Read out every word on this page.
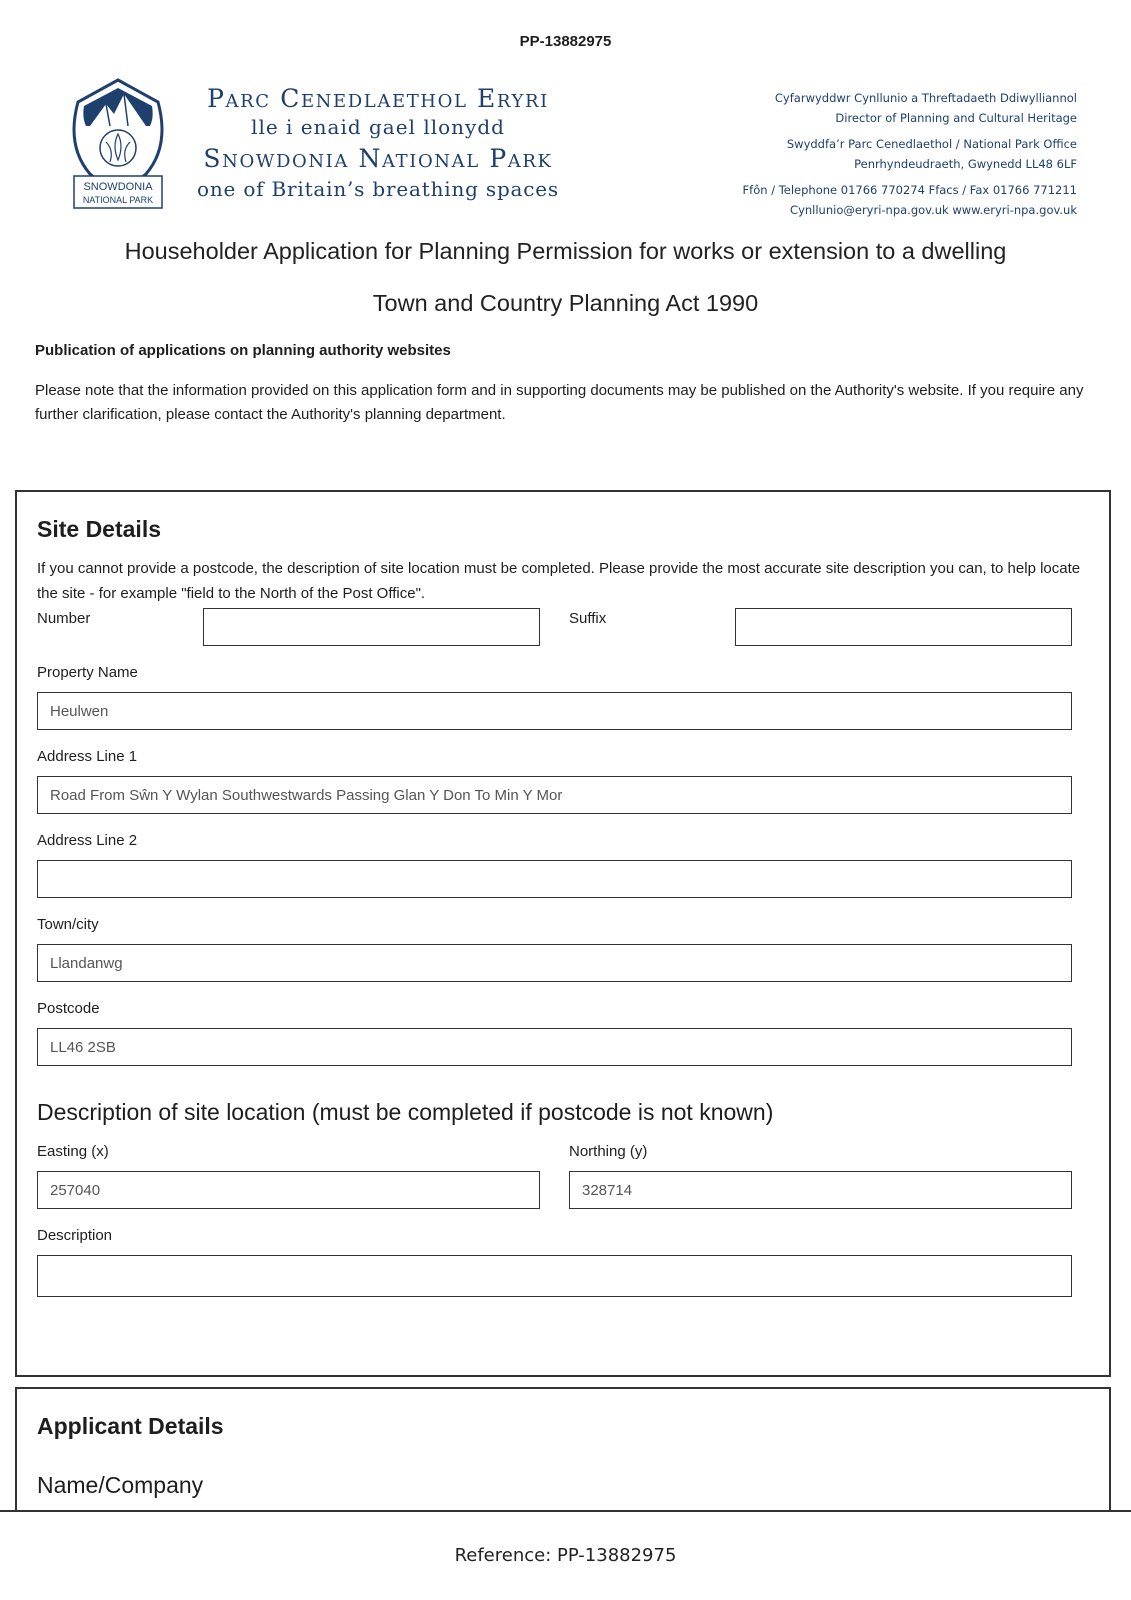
PP-13882975
SNOWDONIA
NATIONAL PARK
Parc Cenedlaethol Eryri
lle i enaid gael llonydd
Snowdonia National Park
one of Britain’s breathing spaces
Cyfarwyddwr Cynllunio a Threftadaeth Ddiwylliannol
Director of Planning and Cultural Heritage
Swyddfa’r Parc Cenedlaethol / National Park Office
Penrhyndeudraeth, Gwynedd LL48 6LF
Ffôn / Telephone 01766 770274 Ffacs / Fax 01766 771211
Cynllunio@eryri-npa.gov.uk www.eryri-npa.gov.uk
Householder Application for Planning Permission for works or extension to a dwelling
Town and Country Planning Act 1990
Publication of applications on planning authority websites
Please note that the information provided on this application form and in supporting documents may be published on the Authority's website. If you require any further clarification, please contact the Authority's planning department.
Site Details
If you cannot provide a postcode, the description of site location must be completed. Please provide the most accurate site description you can, to help locate the site - for example "field to the North of the Post Office".
Number	Suffix
Property Name
Heulwen
Address Line 1
Road From Sŵn Y Wylan Southwestwards Passing Glan Y Don To Min Y Mor
Address Line 2
Town/city
Llandanwg
Postcode
LL46 2SB
Description of site location (must be completed if postcode is not known)
Easting (x)
257040
Northing (y)
328714
Description
Applicant Details
Name/Company
Reference: PP-13882975
